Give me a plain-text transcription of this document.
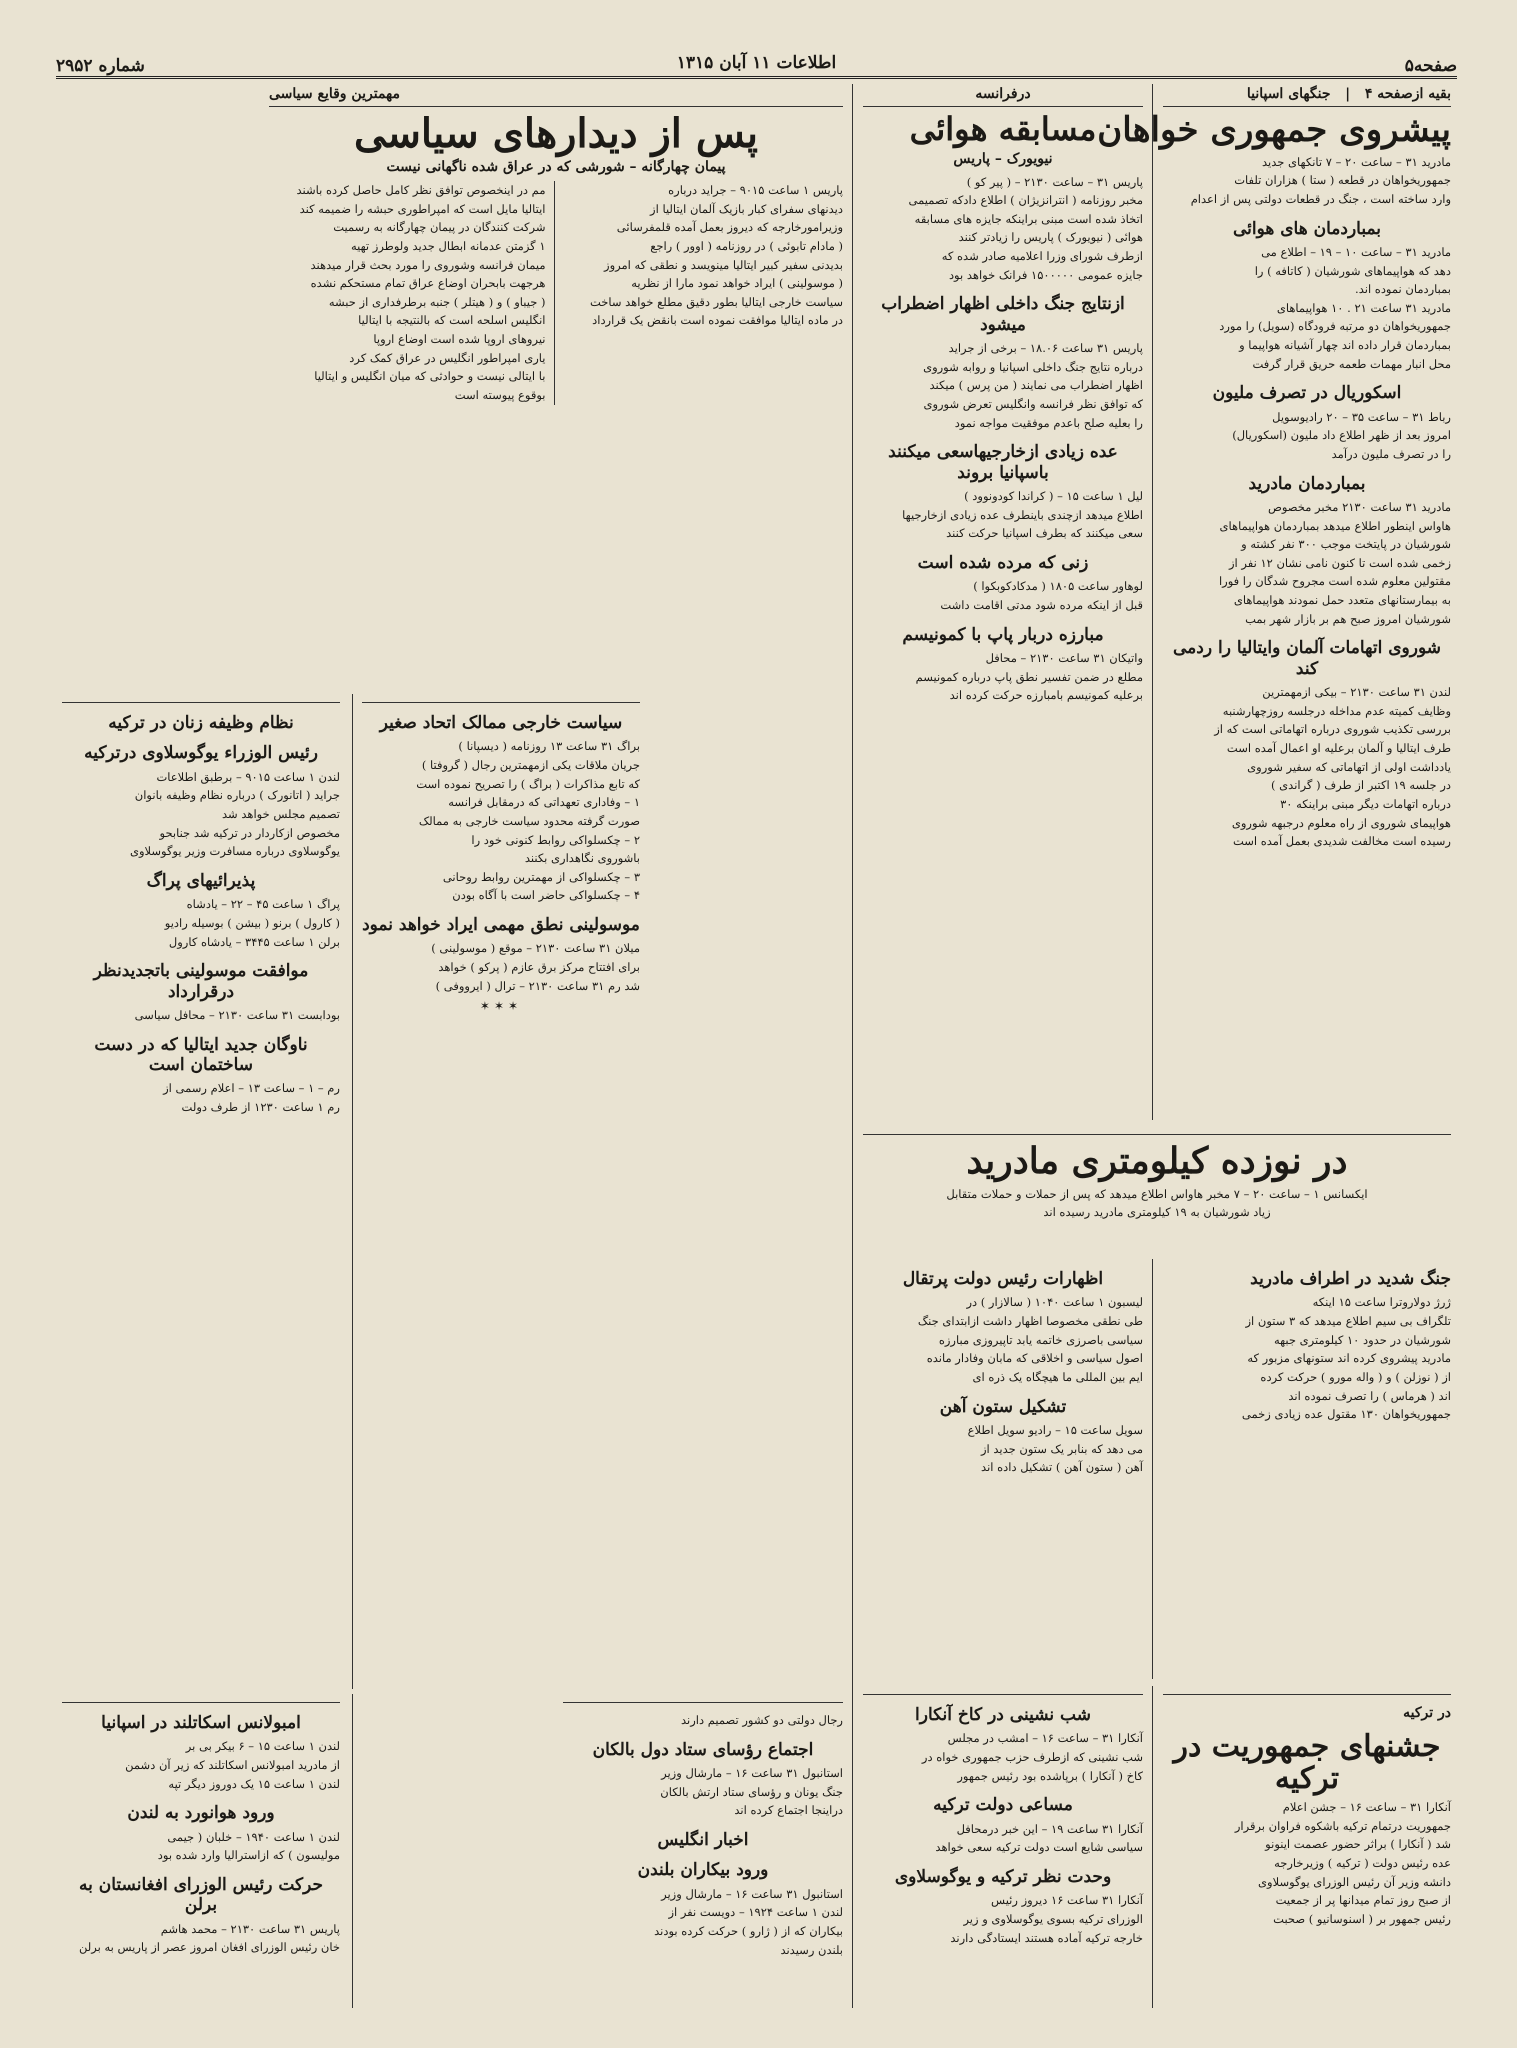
صفحه۵
اطلاعات ۱۱ آبان ۱۳۱۵
شماره ۲۹۵۲
بقیه ازصفحه ۴   |   جنگهای اسپانیا
پیشروی جمهوری خواهان
مادرید ۳۱ – ساعت ۲۰ – ۷ تانکهای جدید
جمهوریخواهان در قطعه ( ستا ) هزاران تلفات
وارد ساخته است ، جنگ در قطعات دولتی پس از اعدام
بمباردمان های هوائی
مادرید ۳۱ – ساعت ۱۰ – ۱۹ – اطلاع می
دهد که هواپیماهای شورشیان ( کاتافه ) را
بمباردمان نموده اند.
مادرید ۳۱ ساعت ۲۱ . ۱۰ هواپیماهای
جمهوریخواهان دو مرتبه فرودگاه (سویل) را مورد
بمباردمان قرار داده اند چهار آشیانه هواپیما و
محل انبار مهمات طعمه حریق قرار گرفت
اسکوریال در تصرف ملیون
رباط ۳۱ – ساعت ۳۵ – ۲۰ رادیوسویل
امروز بعد از ظهر اطلاع داد ملیون (اسکوریال)
را در تصرف ملیون درآمد
بمباردمان مادرید
مادرید ۳۱ ساعت ۲۱۳۰ مخبر مخصوص
هاواس اینطور اطلاع میدهد بمباردمان هواپیماهای
شورشیان در پایتخت موجب ۳۰۰ نفر کشته و
زخمی شده است تا کنون نامی نشان ۱۲ نفر از
مقتولین معلوم شده است مجروح شدگان را فورا
به بیمارستانهای متعدد حمل نمودند هواپیماهای
شورشیان امروز صبح هم بر بازار شهر بمب
شوروی اتهامات آلمان وایتالیا را ردمی کند
لندن ۳۱ ساعت ۲۱۳۰ – بیکی ازمهمترین
وظایف کمیته عدم مداخله درجلسه روزچهارشنبه
بررسی تکذیب شوروی درباره اتهاماتی است که از
طرف ایتالیا و آلمان برعلیه او اعمال آمده است
یادداشت اولی از اتهاماتی که سفیر شوروی
در جلسه ۱۹ اکتبر از طرف ( گراندی )
درباره اتهامات دیگر مبنی براینکه ۳۰
هواپیمای شوروی از راه معلوم درجبهه شوروی
رسیده است مخالفت شدیدی بعمل آمده است
در نوزده کیلومتری مادرید
ایکسانس ۱ – ساعت ۲۰ – ۷ مخبر هاواس اطلاع میدهد که پس از حملات و حملات متقابل
زیاد شورشیان به ۱۹ کیلومتری مادرید رسیده اند
جنگ شدید در اطراف مادرید
ژرژ دولاروترا ساعت ۱۵ اینکه
تلگراف بی سیم اطلاع میدهد که ۳ ستون از
شورشیان در حدود ۱۰ کیلومتری جبهه
مادرید پیشروی کرده اند ستونهای مزبور که
از ( نوزلن ) و ( واله مورو ) حرکت کرده
اند ( هرماس ) را تصرف نموده اند
جمهوریخواهان ۱۳۰ مقتول عده زیادی زخمی
اظهارات رئیس دولت پرتقال
لیسبون ۱ ساعت ۱۰۴۰ ( سالازار ) در
طی نطقی مخصوصا اظهار داشت ازابتدای جنگ
سیاسی باصرزی خاتمه یابد تاپیروزی مبارزه
اصول سیاسی و اخلاقی که مابان وفادار مانده
ایم بین المللی ما هیچگاه یک ذره ای
تشکیل ستون آهن
سویل ساعت ۱۵ – رادیو سویل اطلاع
می دهد که بنابر یک ستون جدید از
آهن ( ستون آهن ) تشکیل داده اند
در ترکیه
جشنهای جمهوریت در ترکیه
آنکارا ۳۱ – ساعت ۱۶ – جشن اعلام
جمهوریت درتمام ترکیه باشکوه فراوان برقرار
شد ( آنکارا ) براثر حضور عصمت اینونو
عده رئیس دولت ( ترکیه ) وزیرخارجه
دانشه وزیر آن رئیس الوزرای یوگوسلاوی
از صبح روز تمام میدانها پر از جمعیت
رئیس جمهور بر ( اسنوسانیو ) صحبت
درفرانسه
مسابقه هوائی
نیویورک – پاریس
پاریس ۳۱ – ساعت ۲۱۳۰ – ( پیر کو )
مخبر روزنامه ( انترانزیژان ) اطلاع دادکه تصمیمی
اتخاذ شده است مبنی براینکه جایزه های مسابقه
هوائی ( نیویورک ) پاریس را زیادتر کنند
ازطرف شورای وزرا اعلامیه صادر شده که
جایزه عمومی ۱۵۰۰۰۰۰ فرانک خواهد بود
ازنتایج جنگ داخلی اظهار اضطراب میشود
پاریس ۳۱ ساعت ۱۸.۰۶ – برخی از جراید
درباره نتایج جنگ داخلی اسپانیا و روابه شوروی
اظهار اضطراب می نمایند ( من پرس ) میکند
که توافق نظر فرانسه وانگلیس تعرض شوروی
را بعلیه صلح باعدم موفقیت مواجه نمود
عده زیادی ازخارجیهاسعی میکنند باسپانیا بروند
لیل ۱ ساعت ۱۵ – ( کراندا کودونوود )
اطلاع میدهد ازچندی باینطرف عده زیادی ازخارجیها
سعی میکنند که بطرف اسپانیا حرکت کنند
زنی که مرده شده است
لوهاور ساعت ۱۸۰۵ ( مدکادکوبکوا )
قبل از اینکه مرده شود مدتی اقامت داشت
مبارزه دربار پاپ با کمونیسم
واتیکان ۳۱ ساعت ۲۱۳۰ – محافل
مطلع در ضمن تفسیر نطق پاپ درباره کمونیسم
برعلیه کمونیسم بامبارزه حرکت کرده اند
شب نشینی در کاخ آنکارا
آنکارا ۳۱ – ساعت ۱۶ – امشب در مجلس
شب نشینی که ازطرف حزب جمهوری خواه در
کاخ ( آنکارا ) برپاشده بود رئیس جمهور
مساعی دولت ترکیه
آنکارا ۳۱ ساعت ۱۹ – این خبر درمحافل
سیاسی شایع است دولت ترکیه سعی خواهد
وحدت نظر ترکیه و یوگوسلاوی
آنکارا ۳۱ ساعت ۱۶ دیروز رئیس
الوزرای ترکیه بسوی یوگوسلاوی و زیر
خارجه ترکیه آماده هستند ایستادگی دارند
مهمترین وقایع سیاسی
پس از دیدارهای سیاسی
پیمان چهارگانه – شورشی که در عراق شده ناگهانی نیست
پاریس ۱ ساعت ۹۰۱۵ – جراید درباره
دیدنهای سفرای کبار بازیک آلمان ایتالیا از
وزیرامورخارجه که دیروز بعمل آمده قلمفرسائی
( مادام تابوئی ) در روزنامه ( اوور ) راجع
بدیدنی سفیر کبیر ایتالیا مینویسد و نطقی که امروز
( موسولینی ) ایراد خواهد نمود مارا از نظریه
سیاست خارجی ایتالیا بطور دقیق مطلع خواهد ساخت
در ماده ایتالیا موافقت نموده است بانقض یک قرارداد
مم در اینخصوص توافق نظر کامل حاصل کرده باشند
ایتالیا مایل است که امپراطوری حبشه را ضمیمه کند
شرکت کنندگان در پیمان چهارگانه به رسمیت
۱ گزمتن عدمانه ابطال جدید ولوطرز تهیه
میمان فرانسه وشوروی را مورد بحث قرار میدهند
هرجهت بابحران اوضاع عراق تمام مستحکم نشده
( جیباو ) و ( هیتلر ) جنبه برطرفداری از حبشه
انگلیس اسلحه است که بالنتیجه با ایتالیا
نیروهای اروپا شده است اوضاع اروپا
یاری امپراطور انگلیس در عراق کمک کرد
با ایتالی نیست و حوادثی که میان انگلیس و ایتالیا
بوقوع پیوسته است
نظام وظیفه زنان در ترکیه
رئیس الوزراء یوگوسلاوی درترکیه
لندن ۱ ساعت ۹۰۱۵ – برطبق اطلاعات
جراید ( اتانورک ) درباره نظام وظیفه بانوان
تصمیم مجلس خواهد شد
مخصوص ازکاردار در ترکیه شد جنابحو
یوگوسلاوی درباره مسافرت وزیر یوگوسلاوی
پذیرائیهای پراگ
پراگ ۱ ساعت ۴۵ – ۲۲ – یادشاه
( کارول ) برنو ( بیشن ) بوسیله رادیو
برلن ۱ ساعت ۳۴۴۵ – یادشاه کارول
موافقت موسولینی باتجدیدنظر درقرارداد
بودابست ۳۱ ساعت ۲۱۳۰ – محافل سیاسی
ناوگان جدید ایتالیا که در دست ساختمان است
رم – ۱ – ساعت ۱۳ – اعلام رسمی از
رم ۱ ساعت ۱۲۳۰ از طرف دولت
سیاست خارجی ممالک اتحاد صغیر
براگ ۳۱ ساعت ۱۳ روزنامه ( دیسپانا )
جریان ملاقات یکی ازمهمترین رجال ( گروفتا )
که تابع مذاکرات ( براگ ) را تصریح نموده است
۱ – وفاداری تعهداتی که درمقابل فرانسه
صورت گرفته محدود سیاست خارجی به ممالک
۲ – چکسلواکی روابط کنونی خود را
باشوروی نگاهداری بکنند
۳ – چکسلواکی از مهمترین روابط روحانی
۴ – چکسلواکی حاضر است با آگاه بودن
موسولینی نطق مهمی ایراد خواهد نمود
میلان ۳۱ ساعت ۲۱۳۰ – موقع ( موسولینی )
برای افتتاح مرکز برق عازم ( پرکو ) خواهد
شد رم ۳۱ ساعت ۲۱۳۰ – ترال ( ایرووفی )
✶✶✶
رجال دولتی دو کشور تصمیم دارند
اجتماع رؤسای ستاد دول بالکان
استانبول ۳۱ ساعت ۱۶ – مارشال وزیر
جنگ یونان و رؤسای ستاد ارتش بالکان
دراینجا اجتماع کرده اند
اخبار انگلیس
ورود بیکاران بلندن
استانبول ۳۱ ساعت ۱۶ – مارشال وزیر
لندن ۱ ساعت ۱۹۲۴ – دویست نفر از
بیکاران که از ( ژارو ) حرکت کرده بودند
بلندن رسیدند
امبولانس اسکاتلند در اسپانیا
لندن ۱ ساعت ۱۵ – ۶ بیکر بی بر
از مادرید امبولانس اسکاتلند که زیر آن دشمن
لندن ۱ ساعت ۱۵ یک دوروز دیگر تپه
ورود هوانورد به لندن
لندن ۱ ساعت ۱۹۴۰ – خلبان ( جیمی
مولیسون ) که ازاسترالیا وارد شده بود
حرکت رئیس الوزرای افغانستان به برلن
پاریس ۳۱ ساعت ۲۱۳۰ – محمد هاشم
خان رئیس الوزرای افغان امروز عصر از پاریس به برلن
